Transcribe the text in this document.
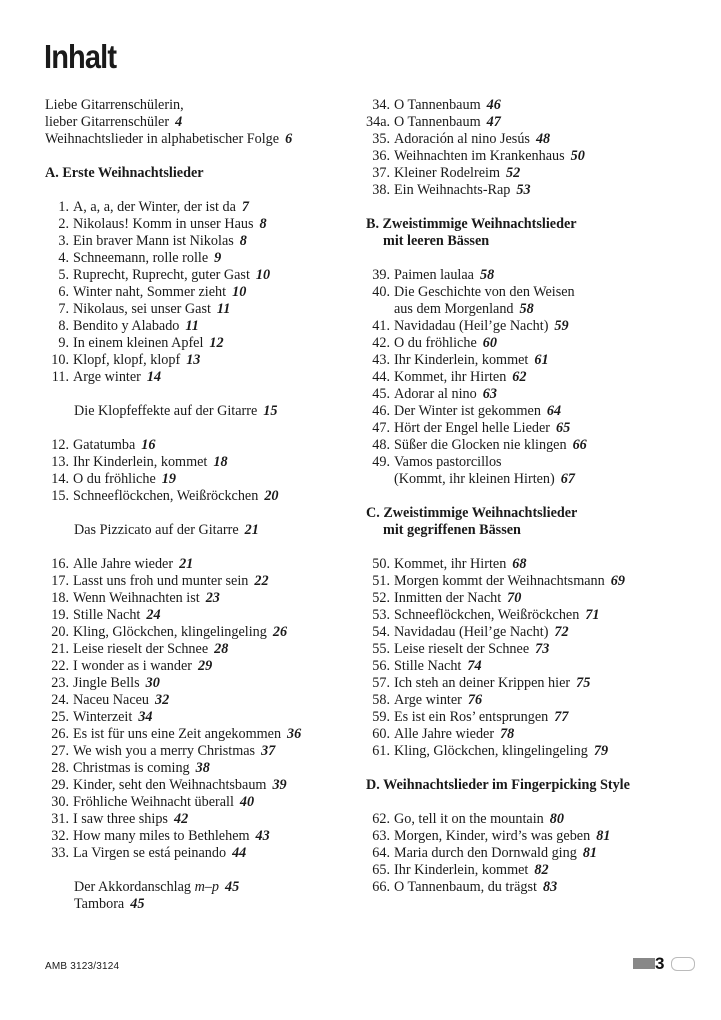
Inhalt
Liebe Gitarrenschülerin,
lieber Gitarrenschüler 4
Weihnachtslieder in alphabetischer Folge 6
A. Erste Weihnachtslieder
1. A, a, a, der Winter, der ist da 7
2. Nikolaus! Komm in unser Haus 8
3. Ein braver Mann ist Nikolas 8
4. Schneemann, rolle rolle 9
5. Ruprecht, Ruprecht, guter Gast 10
6. Winter naht, Sommer zieht 10
7. Nikolaus, sei unser Gast 11
8. Bendito y Alabado 11
9. In einem kleinen Apfel 12
10. Klopf, klopf, klopf 13
11. Arge winter 14
Die Klopfeffekte auf der Gitarre 15
12. Gatatumba 16
13. Ihr Kinderlein, kommet 18
14. O du fröhliche 19
15. Schneeflöckchen, Weißröckchen 20
Das Pizzicato auf der Gitarre 21
16. Alle Jahre wieder 21
17. Lasst uns froh und munter sein 22
18. Wenn Weihnachten ist 23
19. Stille Nacht 24
20. Kling, Glöckchen, klingelingeling 26
21. Leise rieselt der Schnee 28
22. I wonder as i wander 29
23. Jingle Bells 30
24. Naceu Naceu 32
25. Winterzeit 34
26. Es ist für uns eine Zeit angekommen 36
27. We wish you a merry Christmas 37
28. Christmas is coming 38
29. Kinder, seht den Weihnachtsbaum 39
30. Fröhliche Weihnacht überall 40
31. I saw three ships 42
32. How many miles to Bethlehem 43
33. La Virgen se está peinando 44
Der Akkordanschlag m–p 45
Tambora 45
34. O Tannenbaum 46
34a. O Tannenbaum 47
35. Adoración al nino Jesús 48
36. Weihnachten im Krankenhaus 50
37. Kleiner Rodelreim 52
38. Ein Weihnachts-Rap 53
B. Zweistimmige Weihnachtslieder
mit leeren Bässen
39. Paimen laulaa 58
40. Die Geschichte von den Weisen
aus dem Morgenland 58
41. Navidadau (Heil’ge Nacht) 59
42. O du fröhliche 60
43. Ihr Kinderlein, kommet 61
44. Kommet, ihr Hirten 62
45. Adorar al nino 63
46. Der Winter ist gekommen 64
47. Hört der Engel helle Lieder 65
48. Süßer die Glocken nie klingen 66
49. Vamos pastorcillos
(Kommt, ihr kleinen Hirten) 67
C. Zweistimmige Weihnachtslieder
mit gegriffenen Bässen
50. Kommet, ihr Hirten 68
51. Morgen kommt der Weihnachtsmann 69
52. Inmitten der Nacht 70
53. Schneeflöckchen, Weißröckchen 71
54. Navidadau (Heil’ge Nacht) 72
55. Leise rieselt der Schnee 73
56. Stille Nacht 74
57. Ich steh an deiner Krippen hier 75
58. Arge winter 76
59. Es ist ein Ros’ entsprungen 77
60. Alle Jahre wieder 78
61. Kling, Glöckchen, klingelingeling 79
D. Weihnachtslieder im Fingerpicking Style
62. Go, tell it on the mountain 80
63. Morgen, Kinder, wird’s was geben 81
64. Maria durch den Dornwald ging 81
65. Ihr Kinderlein, kommet 82
66. O Tannenbaum, du trägst 83
AMB 3123/3124	3
